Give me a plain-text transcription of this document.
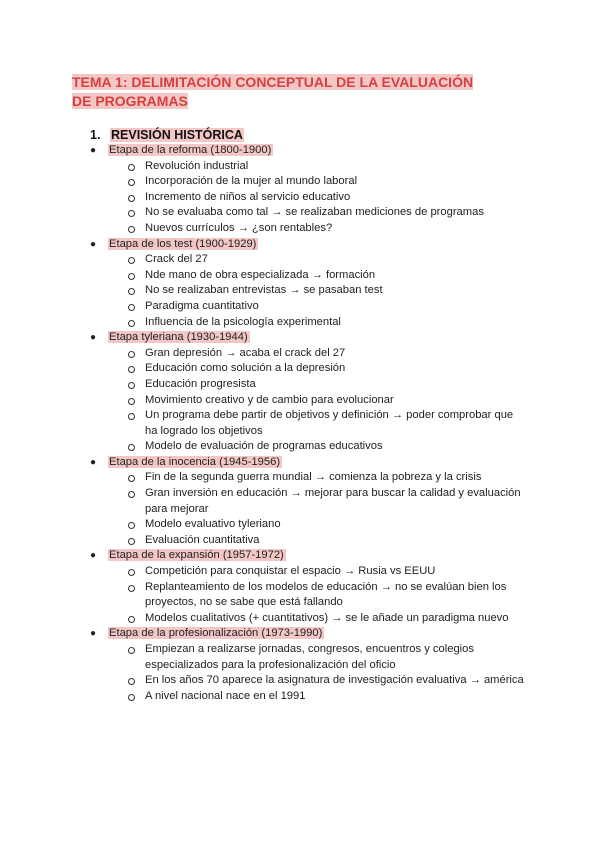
TEMA 1: DELIMITACIÓN CONCEPTUAL DE LA EVALUACIÓN
DE PROGRAMAS
1. REVISIÓN HISTÓRICA
● Etapa de la reforma (1800-1900)
Revolución industrial
Incorporación de la mujer al mundo laboral
Incremento de niños al servicio educativo
No se evaluaba como tal → se realizaban mediciones de programas
Nuevos currículos → ¿son rentables?
● Etapa de los test (1900-1929)
Crack del 27
Nde mano de obra especializada → formación
No se realizaban entrevistas → se pasaban test
Paradigma cuantitativo
Influencia de la psicología experimental
● Etapa tyleriana (1930-1944)
Gran depresión → acaba el crack del 27
Educación como solución a la depresión
Educación progresista
Movimiento creativo y de cambio para evolucionar
Un programa debe partir de objetivos y definición → poder comprobar que ha logrado los objetivos
Modelo de evaluación de programas educativos
● Etapa de la inocencia (1945-1956)
Fin de la segunda guerra mundial → comienza la pobreza y la crisis
Gran inversión en educación → mejorar para buscar la calidad y evaluación para mejorar
Modelo evaluativo tyleriano
Evaluación cuantitativa
● Etapa de la expansión (1957-1972)
Competición para conquistar el espacio → Rusia vs EEUU
Replanteamiento de los modelos de educación → no se evalúan bien los proyectos, no se sabe que está fallando
Modelos cualitativos (+ cuantitativos) → se le añade un paradigma nuevo
● Etapa de la profesionalización (1973-1990)
Empiezan a realizarse jornadas, congresos, encuentros y colegios especializados para la profesionalización del oficio
En los años 70 aparece la asignatura de investigación evaluativa → américa
A nivel nacional nace en el 1991
